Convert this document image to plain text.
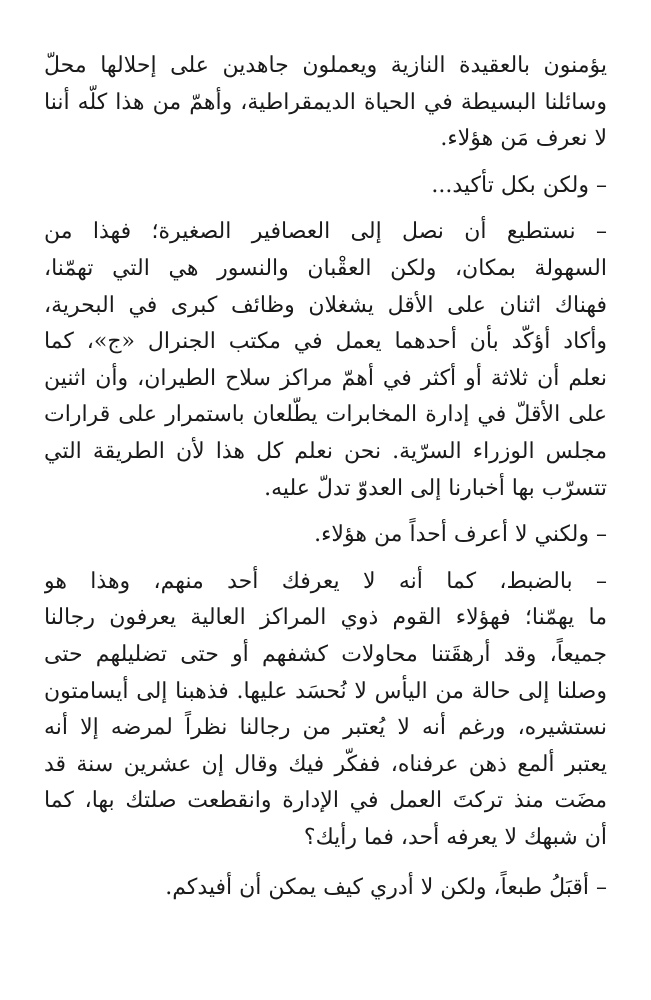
يؤمنون بالعقيدة النازية ويعملون جاهدين على إحلالها محلّ
وسائلنا البسيطة في الحياة الديمقراطية، وأهمّ من هذا كلّه أننا
لا نعرف مَن هؤلاء.
– ولكن بكل تأكيد...
– نستطيع أن نصل إلى العصافير الصغيرة؛ فهذا من
السهولة بمكان، ولكن العقْبان والنسور هي التي تهمّنا،
فهناك اثنان على الأقل يشغلان وظائف كبرى في البحرية،
وأكاد أؤكّد بأن أحدهما يعمل في مكتب الجنرال «ج»، كما
نعلم أن ثلاثة أو أكثر في أهمّ مراكز سلاح الطيران، وأن اثنين
على الأقلّ في إدارة المخابرات يطّلعان باستمرار على قرارات
مجلس الوزراء السرّية. نحن نعلم كل هذا لأن الطريقة التي
تتسرّب بها أخبارنا إلى العدوّ تدلّ عليه.
– ولكني لا أعرف أحداً من هؤلاء.
– بالضبط، كما أنه لا يعرفك أحد منهم، وهذا هو
ما يهمّنا؛ فهؤلاء القوم ذوي المراكز العالية يعرفون رجالنا
جميعاً، وقد أرهقَتنا محاولات كشفهم أو حتى تضليلهم حتى
وصلنا إلى حالة من اليأس لا نُحسَد عليها. فذهبنا إلى أيسامتون
نستشيره، ورغم أنه لا يُعتبر من رجالنا نظراً لمرضه إلا أنه
يعتبر ألمع ذهن عرفناه، ففكّر فيك وقال إن عشرين سنة قد
مضَت منذ تركتَ العمل في الإدارة وانقطعت صلتك بها، كما
أن شبهك لا يعرفه أحد، فما رأيك؟
– أقبَلُ طبعاً، ولكن لا أدري كيف يمكن أن أفيدكم.
